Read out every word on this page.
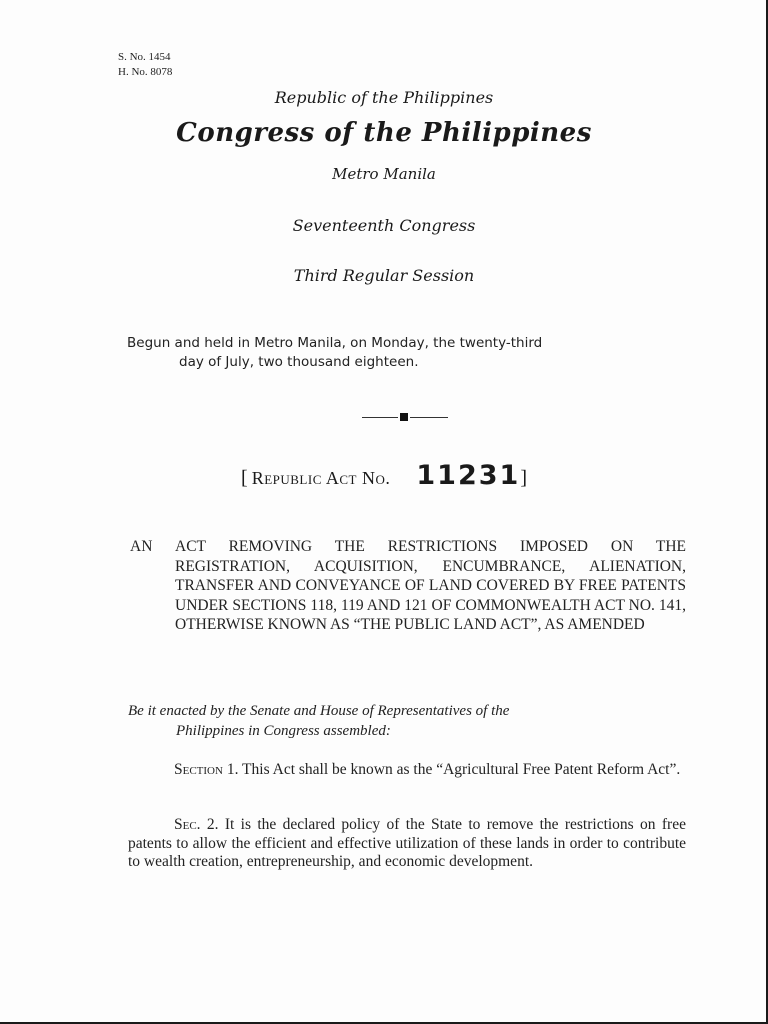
S. No. 1454
H. No. 8078
Republic of the Philippines
Congress of the Philippines
Metro Manila
Seventeenth Congress
Third Regular Session
Begun and held in Metro Manila, on Monday, the twenty-third
day of July, two thousand eighteen.
[ Republic Act No. 11231]
AN ACT REMOVING THE RESTRICTIONS IMPOSED ON THE REGISTRATION, ACQUISITION, ENCUMBRANCE, ALIENATION, TRANSFER AND CONVEYANCE OF LAND COVERED BY FREE PATENTS UNDER SECTIONS 118, 119 AND 121 OF COMMONWEALTH ACT NO. 141, OTHERWISE KNOWN AS “THE PUBLIC LAND ACT”, AS AMENDED
Be it enacted by the Senate and House of Representatives of the
Philippines in Congress assembled:
Section 1. This Act shall be known as the “Agricultural Free Patent Reform Act”.
Sec. 2. It is the declared policy of the State to remove the restrictions on free patents to allow the efficient and effective utilization of these lands in order to contribute to wealth creation, entrepreneurship, and economic development.
